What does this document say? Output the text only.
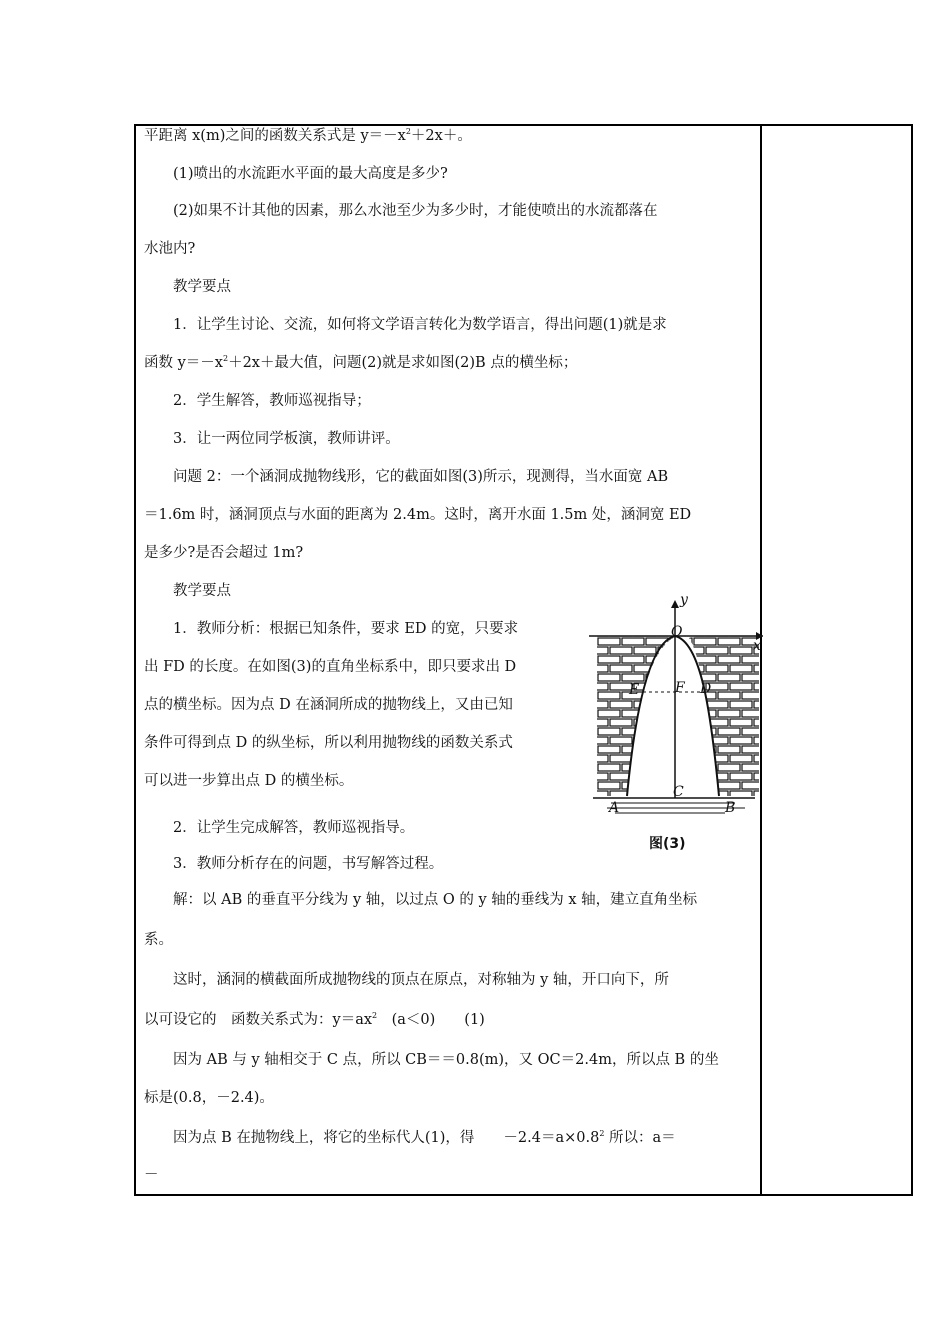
平距离 x(m)之间的函数关系式是 $y=-x^2+2x+$。
(1)喷出的水流距水平面的最大高度是多少?
(2)如果不计其他的因素，那么水池至少为多少时，才能使喷出的水流都落在
水池内?
教学要点
1．让学生讨论、交流，如何将文学语言转化为数学语言，得出问题(1)就是求
函数 $y=-x^2+2x+$最大值，问题(2)就是求如图(2)B 点的横坐标；
2．学生解答，教师巡视指导；
3．让一两位同学板演，教师讲评。
问题 2：一个涵洞成抛物线形，它的截面如图(3)所示，现测得，当水面宽 AB
＝1.6m 时，涵洞顶点与水面的距离为 2.4m。这时，离开水面 1.5m 处，涵洞宽 ED
是多少?是否会超过 1m?
教学要点
1．教师分析：根据已知条件，要求 ED 的宽，只要求
出 FD 的长度。在如图(3)的直角坐标系中，即只要求出 D
点的横坐标。因为点 D 在涵洞所成的抛物线上，又由已知
条件可得到点 D 的纵坐标，所以利用抛物线的函数关系式
可以进一步算出点 D 的横坐标。
2．让学生完成解答，教师巡视指导。
3．教师分析存在的问题，书写解答过程。
解：以 AB 的垂直平分线为 y 轴，以过点 O 的 y 轴的垂线为 x 轴，建立直角坐标
系。
这时，涵洞的横截面所成抛物线的顶点在原点，对称轴为 y 轴，开口向下，所
以可设它的　函数关系式为：$y=ax^2$　(a＜0)　　(1)
因为 AB 与 y 轴相交于 C 点，所以 CB＝＝0.8(m)，又 OC＝2.4m，所以点 B 的坐
标是(0.8，－2.4)。
因为点 B 在抛物线上，将它的坐标代人(1)，得　　$-2.4=a\times 0.8^2$ 所以：a＝
－
y
x
O
E	F D
C
A	B
图(3)
